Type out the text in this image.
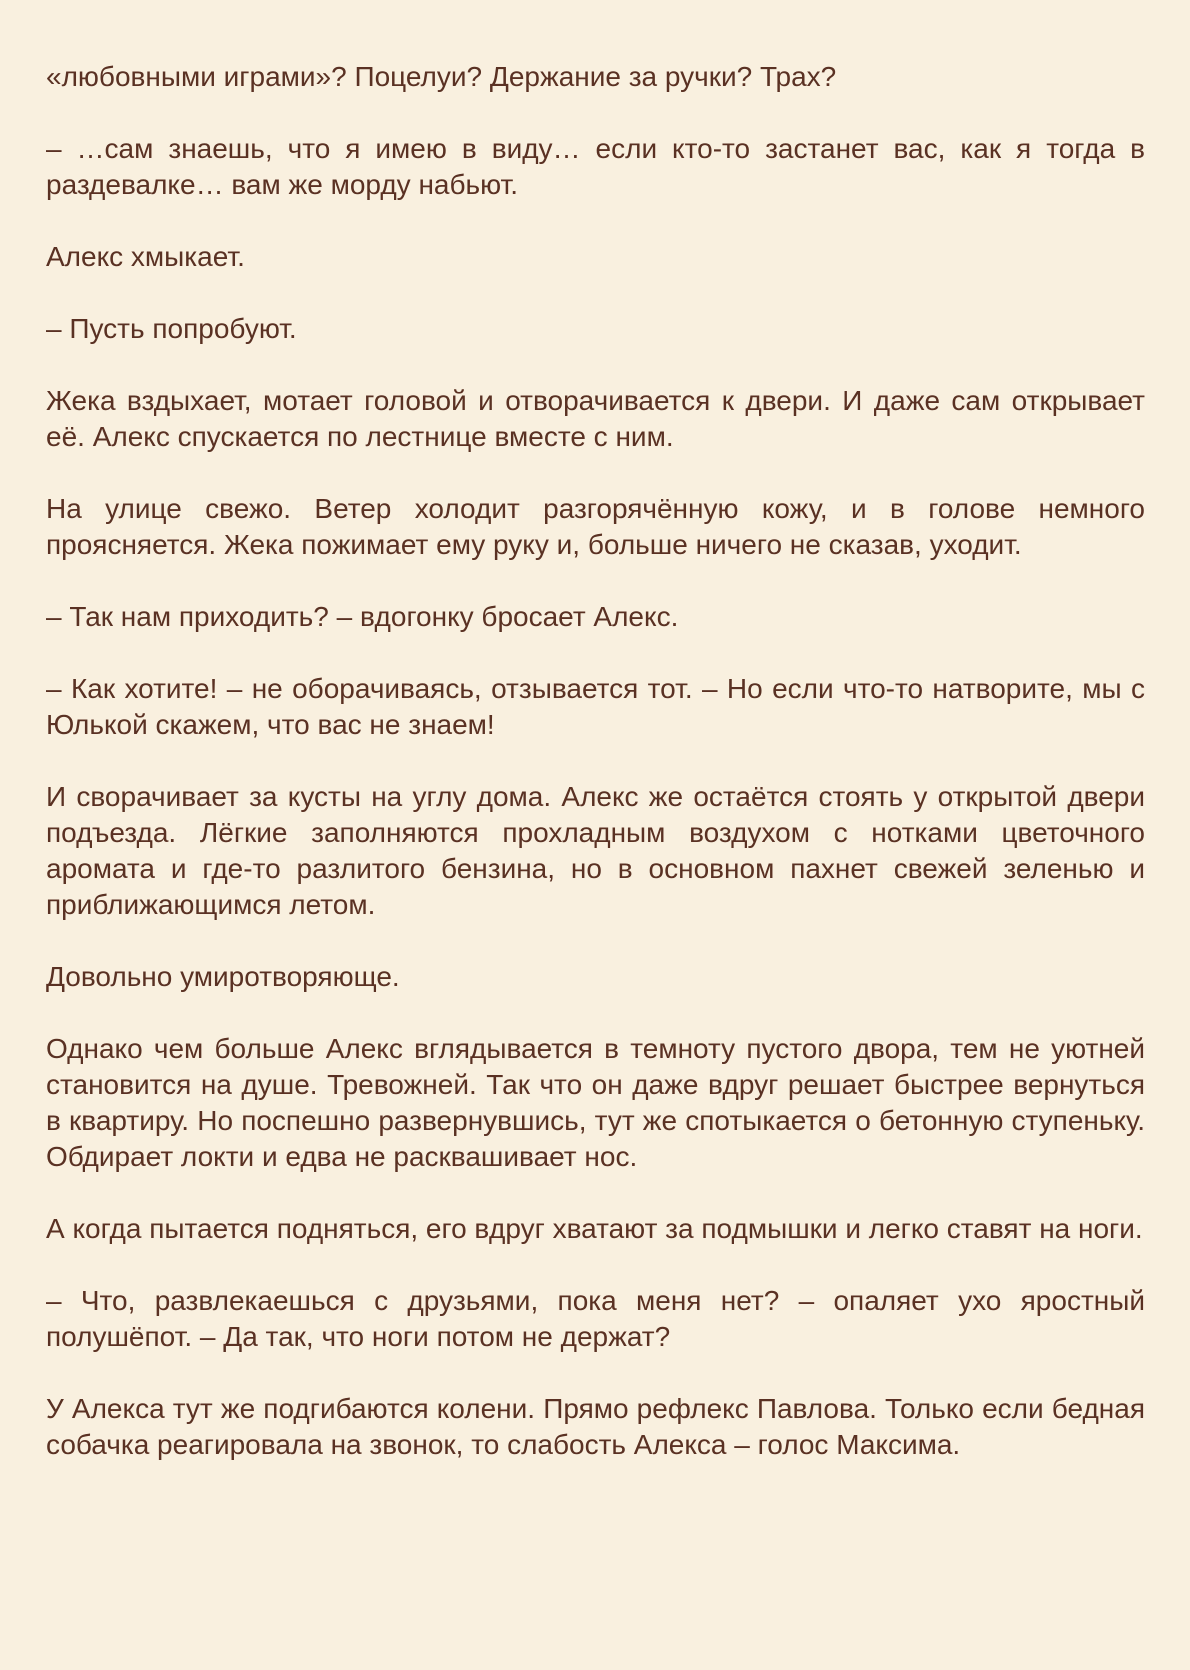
«любовными играми»? Поцелуи? Держание за ручки? Трах?

– …сам знаешь, что я имею в виду… если кто-то застанет вас, как я тогда в раздевалке… вам же морду набьют.

Алекс хмыкает.

– Пусть попробуют.

Жека вздыхает, мотает головой и отворачивается к двери. И даже сам открывает её. Алекс спускается по лестнице вместе с ним.

На улице свежо. Ветер холодит разгорячённую кожу, и в голове немного проясняется. Жека пожимает ему руку и, больше ничего не сказав, уходит.

– Так нам приходить? – вдогонку бросает Алекс.

– Как хотите! – не оборачиваясь, отзывается тот. – Но если что-то натворите, мы с Юлькой скажем, что вас не знаем!

И сворачивает за кусты на углу дома. Алекс же остаётся стоять у открытой двери подъезда. Лёгкие заполняются прохладным воздухом с нотками цветочного аромата и где-то разлитого бензина, но в основном пахнет свежей зеленью и приближающимся летом.

Довольно умиротворяюще.

Однако чем больше Алекс вглядывается в темноту пустого двора, тем не уютней становится на душе. Тревожней. Так что он даже вдруг решает быстрее вернуться в квартиру. Но поспешно развернувшись, тут же спотыкается о бетонную ступеньку. Обдирает локти и едва не расквашивает нос.

А когда пытается подняться, его вдруг хватают за подмышки и легко ставят на ноги.

– Что, развлекаешься с друзьями, пока меня нет? – опаляет ухо яростный полушёпот. – Да так, что ноги потом не держат?

У Алекса тут же подгибаются колени. Прямо рефлекс Павлова. Только если бедная собачка реагировала на звонок, то слабость Алекса – голос Максима.
